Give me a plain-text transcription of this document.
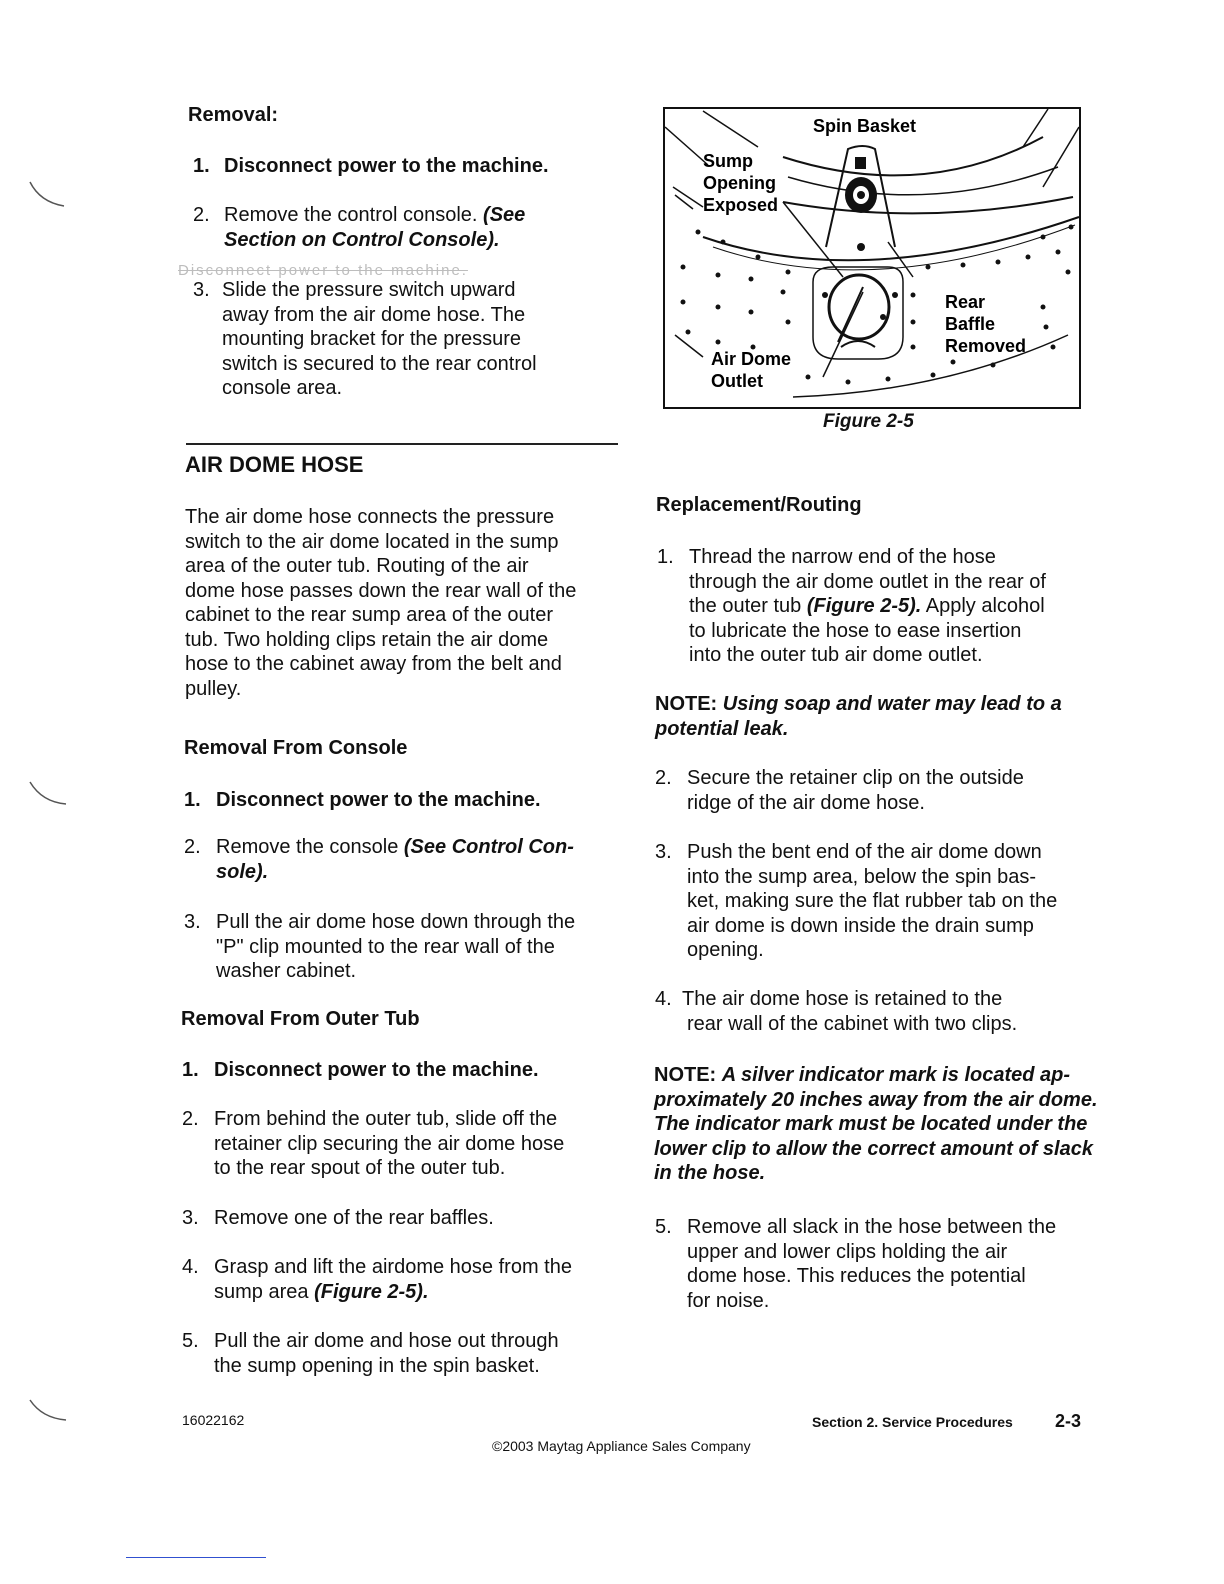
Removal:
1. Disconnect power to the machine.
2. Remove the control console. (See
Section on Control Console).
Disconnect power to the machine.
3. Slide the pressure switch upward
away from the air dome hose. The
mounting bracket for the pressure
switch is secured to the rear control
console area.
AIR DOME HOSE
The air dome hose connects the pressure
switch to the air dome located in the sump
area of the outer tub. Routing of the air
dome hose passes down the rear wall of the
cabinet to the rear sump area of the outer
tub. Two holding clips retain the air dome
hose to the cabinet away from the belt and
pulley.
Removal From Console
1. Disconnect power to the machine.
2. Remove the console (See Control Con-
sole).
3. Pull the air dome hose down through the
"P" clip mounted to the rear wall of the
washer cabinet.
Removal From Outer Tub
1. Disconnect power to the machine.
2. From behind the outer tub, slide off the
retainer clip securing the air dome hose
to the rear spout of the outer tub.
3. Remove one of the rear baffles.
4. Grasp and lift the airdome hose from the
sump area (Figure 2-5).
5. Pull the air dome and hose out through
the sump opening in the spin basket.
Spin Basket
Sump
Opening
Exposed
Rear
Baffle
Removed
Air Dome
Outlet
Figure 2-5
Replacement/Routing
1. Thread the narrow end of the hose
through the air dome outlet in the rear of
the outer tub (Figure 2-5). Apply alcohol
to lubricate the hose to ease insertion
into the outer tub air dome outlet.
NOTE: Using soap and water may lead to a
potential leak.
2. Secure the retainer clip on the outside
ridge of the air dome hose.
3. Push the bent end of the air dome down
into the sump area, below the spin bas-
ket, making sure the flat rubber tab on the
air dome is down inside the drain sump
opening.
4. The air dome hose is retained to the
rear wall of the cabinet with two clips.
NOTE: A silver indicator mark is located ap-
proximately 20 inches away from the air dome.
The indicator mark must be located under the
lower clip to allow the correct amount of slack
in the hose.
5. Remove all slack in the hose between the
upper and lower clips holding the air
dome hose. This reduces the potential
for noise.
16022162	Section 2. Service Procedures 2-3
©2003 Maytag Appliance Sales Company
